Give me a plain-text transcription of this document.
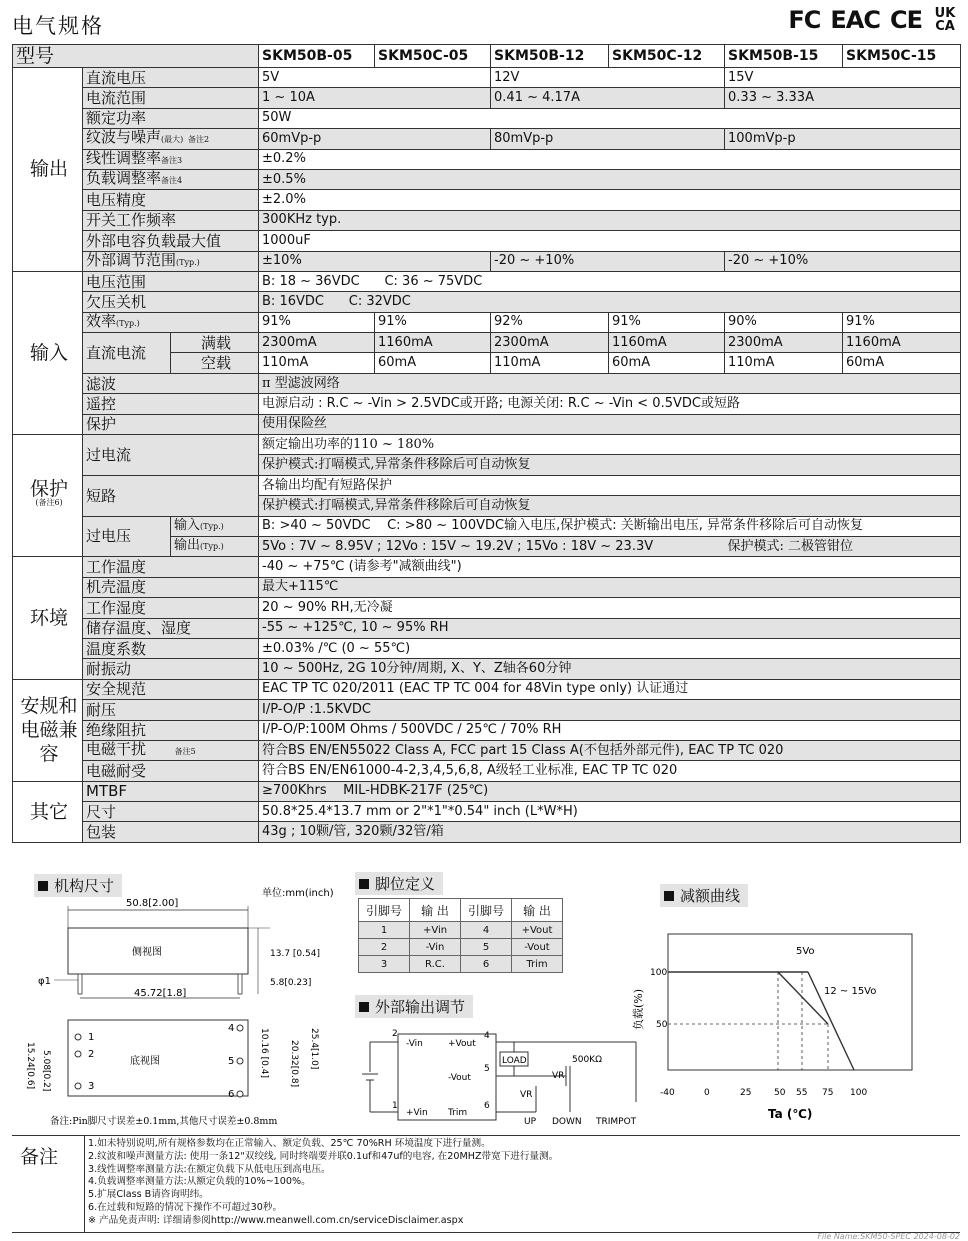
电气规格	FC EAC CE UK CA
型号			SKM50B-05	SKM50C-05	SKM50B-12	SKM50C-12	SKM50B-15	SKM50C-15
输出	直流电压		5V		12V		15V	
	电流范围		1 ~ 10A		0.41 ~ 4.17A		0.33 ~ 3.33A	
	额定功率		50W					
	纹波与噪声(最大) 备注2		60mVp-p		80mVp-p		100mVp-p	
	线性调整率备注3		±0.2%					
	负载调整率备注4		±0.5%					
	电压精度		±2.0%					
	开关工作频率		300KHz typ.					
	外部电容负载最大值		1000uF					
	外部调节范围(Typ.)		±10%		-20 ~ +10%		-20 ~ +10%	
输入	电压范围		B: 18 ~ 36VDC      C: 36 ~ 75VDC					
	欠压关机		B: 16VDC      C: 32VDC					
	效率(Typ.)		91%	91%	92%	91%	90%	91%
	直流电流	满载	2300mA	1160mA	2300mA	1160mA	2300mA	1160mA
		空载	110mA	60mA	110mA	60mA	110mA	60mA
	滤波		π 型滤波网络					
	遥控		电源启动 : R.C ~ -Vin > 2.5VDC或开路; 电源关闭: R.C ~ -Vin < 0.5VDC或短路					
	保护		使用保险丝					
保护
(备注6)	过电流		额定输出功率的110 ~ 180%					
			保护模式:打嗝模式,异常条件移除后可自动恢复					
	短路		各输出均配有短路保护					
			保护模式:打嗝模式,异常条件移除后可自动恢复					
	过电压	输入(Typ.)	B: >40 ~ 50VDC    C: >80 ~ 100VDC输入电压,保护模式: 关断输出电压, 异常条件移除后可自动恢复					
		输出(Typ.)	5Vo : 7V ~ 8.95V ; 12Vo : 15V ~ 19.2V ; 15Vo : 18V ~ 23.3V				保护模式: 二极管钳位	
环境	工作温度		-40 ~ +75℃ (请参考"减额曲线")					
	机壳温度		最大+115℃					
	工作湿度		20 ~ 90% RH,无冷凝					
	储存温度、湿度		-55 ~ +125℃, 10 ~ 95% RH					
	温度系数		±0.03% /℃ (0 ~ 55℃)					
	耐振动		10 ~ 500Hz, 2G 10分钟/周期, X、Y、Z轴各60分钟					
安规和电磁兼容	安全规范		EAC TP TC 020/2011 (EAC TP TC 004 for 48Vin type only) 认证通过					
	耐压		I/P-O/P :1.5KVDC					
	绝缘阻抗		I/P-O/P:100M Ohms / 500VDC / 25℃ / 70% RH					
	电磁干扰 备注5		符合BS EN/EN55022 Class A, FCC part 15 Class A(不包括外部元件), EAC TP TC 020					
	电磁耐受		符合BS EN/EN61000-4-2,3,4,5,6,8, A级轻工业标准, EAC TP TC 020					
其它	MTBF		≥700Khrs    MIL-HDBK-217F (25℃)					
	尺寸		50.8*25.4*13.7 mm or 2"*1"*0.54" inch (L*W*H)					
	包装		43g ; 10颗/管, 320颗/32管/箱					
机构尺寸	单位:mm(inch)
50.8[2.00]
侧视图	13.7 [0.54]
5.8[0.23]
φ1
45.72[1.8]
底视图
1
2
3
4
5
6
10.16 [0.4] 20.32[0.8] 25.4[1.0]
15.24[0.6] 5.08[0.2]
备注:Pin脚尺寸误差±0.1mm,其他尺寸误差±0.8mm
脚位定义
引脚号	输 出	引脚号	输 出
1	+Vin	4	+Vout
2	-Vin	5	-Vout
3	R.C.	6	Trim
外部输出调节
2
-Vin
1
+Vin
+Vout
4
-Vout
5
Trim
6
LOAD	500KΩ
VR
VR
UP DOWN TRIMPOT
减额曲线
5Vo
12 ~ 15Vo
100
50
-40	0	25	50 55 75 100
负载(%)
Ta (℃)
备注
1.如未特别说明,所有规格参数均在正常输入、额定负载、25℃ 70%RH 环境温度下进行量测。
2.纹波和噪声测量方法: 使用一条12"双绞线, 同时终端要并联0.1uf和47uf的电容, 在20MHZ带宽下进行量测。
3.线性调整率测量方法:在额定负载下从低电压到高电压。
4.负载调整率测量方法:从额定负载的10%~100%。
5.扩展Class B请咨询明纬。
6.在过载和短路的情况下操作不可超过30秒。
※ 产品免责声明: 详细请参阅http://www.meanwell.com.cn/serviceDisclaimer.aspx
File Name:SKM50-SPEC 2024-08-02
